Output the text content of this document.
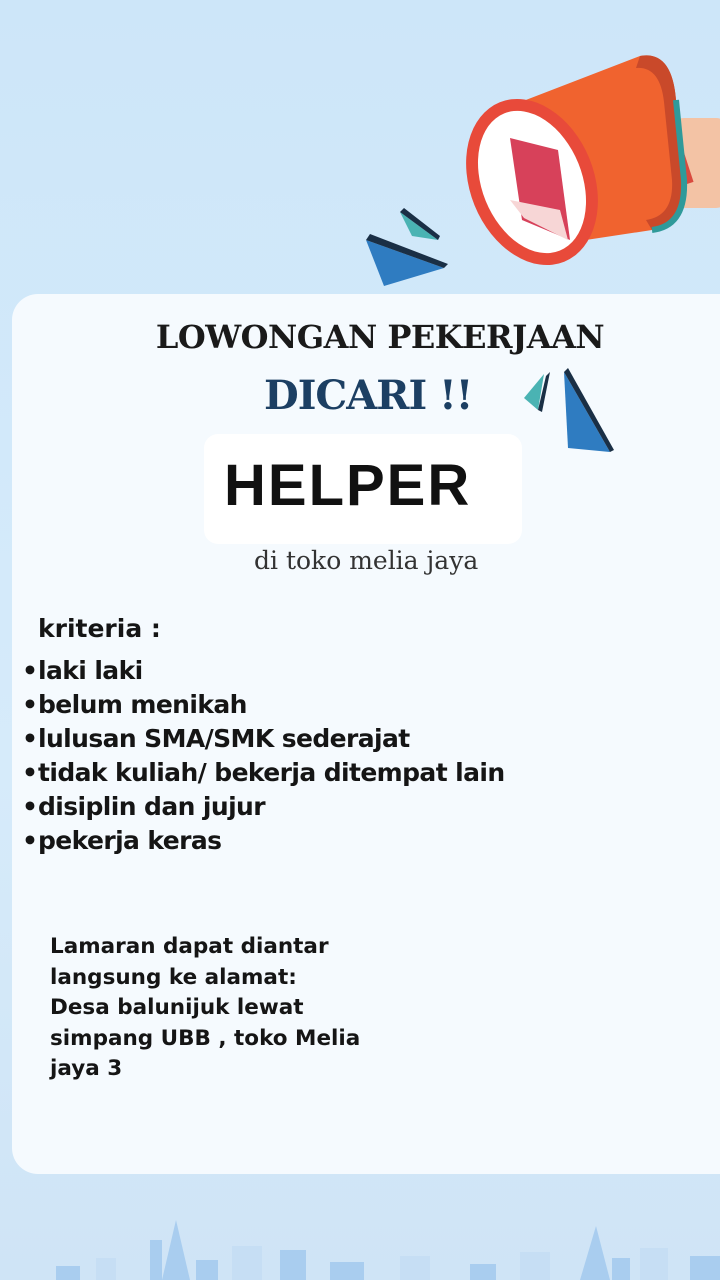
LOWONGAN PEKERJAAN
DICARI !!
HELPER
di toko melia jaya
kriteria :
•laki laki
•belum menikah
•lulusan SMA/SMK sederajat
•tidak kuliah/ bekerja ditempat lain
•disiplin dan jujur
•pekerja keras
Lamaran dapat diantar
langsung ke alamat:
Desa balunijuk lewat
simpang UBB , toko Melia
jaya 3
